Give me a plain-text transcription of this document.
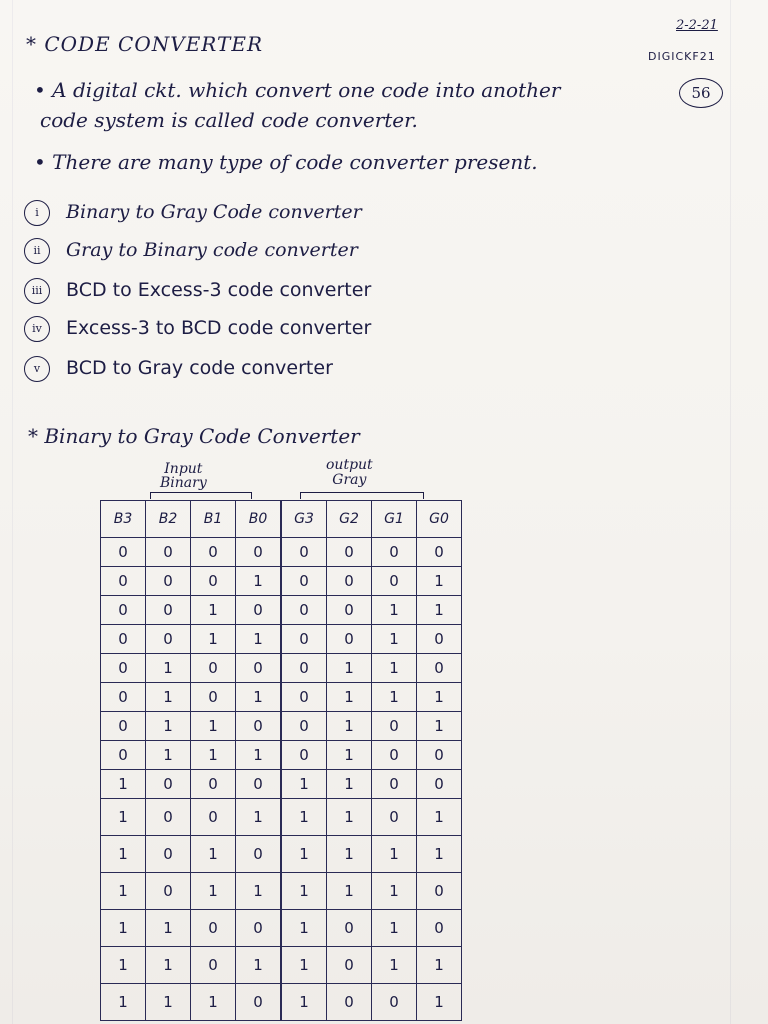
* CODE CONVERTER
2-2-21
DIGICKF21
56
• A digital ckt. which convert one code into another
code system is called code converter.
• There are many type of code converter present.
i Binary to Gray Code converter
ii Gray to Binary code converter
iii BCD to Excess-3 code converter
iv Excess-3 to BCD code converter
v BCD to Gray code converter
* Binary to Gray Code Converter
Input
Binary
output
Gray
B3	B2	B1	B0	G3	G2	G1	G0
0	0	0	0	0	0	0	0
0	0	0	1	0	0	0	1
0	0	1	0	0	0	1	1
0	0	1	1	0	0	1	0
0	1	0	0	0	1	1	0
0	1	0	1	0	1	1	1
0	1	1	0	0	1	0	1
0	1	1	1	0	1	0	0
1	0	0	0	1	1	0	0
1	0	0	1	1	1	0	1
1	0	1	0	1	1	1	1
1	0	1	1	1	1	1	0
1	1	0	0	1	0	1	0
1	1	0	1	1	0	1	1
1	1	1	0	1	0	0	1
